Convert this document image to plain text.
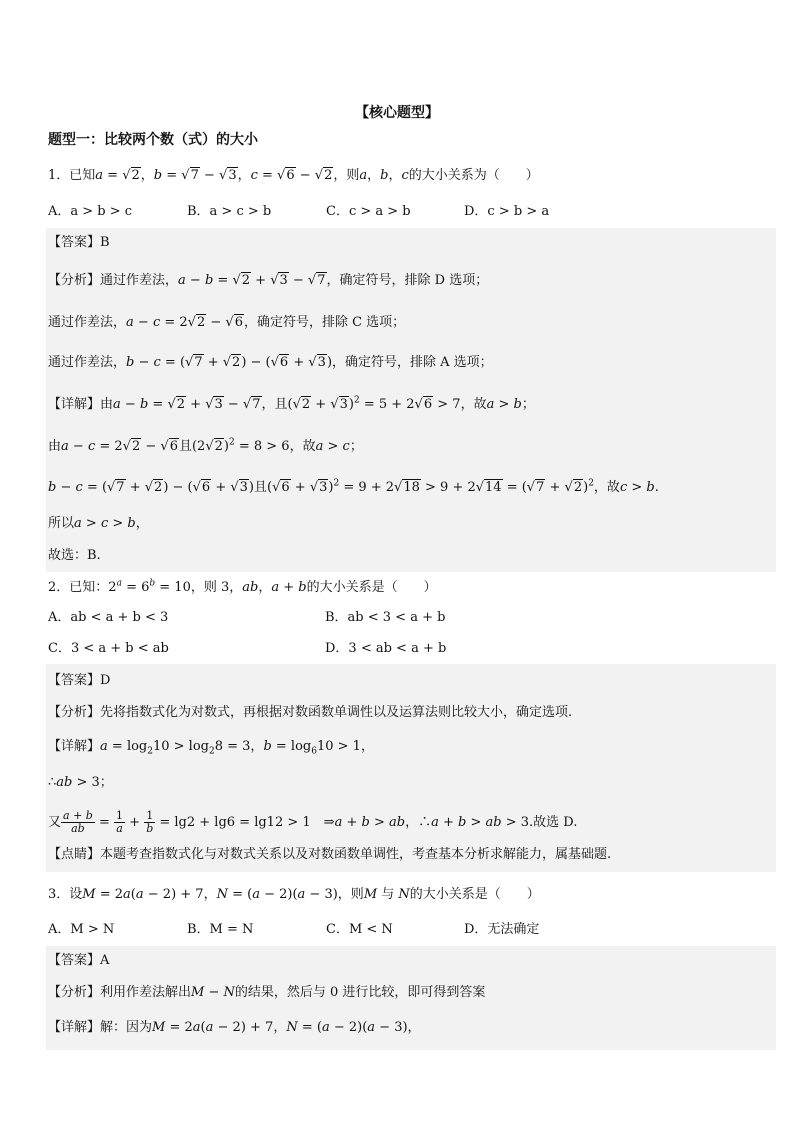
【核心题型】
题型一：比较两个数（式）的大小
1．已知a = √2，b = √7 − √3，c = √6 − √2，则a，b，c的大小关系为（　　）
A．a > b > c	B．a > c > b	C．c > a > b	D．c > b > a
【答案】B
【分析】通过作差法，a − b = √2 + √3 − √7，确定符号，排除 D 选项；
通过作差法，a − c = 2√2 − √6，确定符号，排除 C 选项；
通过作差法，b − c = (√7 + √2) − (√6 + √3)，确定符号，排除 A 选项；
【详解】由a − b = √2 + √3 − √7，且$(√2 + √3)^2 = 5 + 2√6 > 7$，故a > b；
由a − c = 2√2 − √6且$(2√2)^2 = 8 > 6$，故a > c；
b − c = (√7 + √2) − (√6 + √3)且$(√6 + √3)^2 = 9 + 2√18 > 9 + 2√14 = (√7 + √2)^2$，故c > b.
所以a > c > b，
故选：B.
2．已知：$2^a = 6^b = 10$，则 3，ab，a + b的大小关系是（　　）
A．ab < a + b < 3	B．ab < 3 < a + b
C．3 < a + b < ab	D．3 < ab < a + b
【答案】D
【分析】先将指数式化为对数式，再根据对数函数单调性以及运算法则比较大小，确定选项.
【详解】$a = \log_210 > \log_28 = 3$，$b = \log_610 > 1$，
∴ab > 3；
又 $\frac{a + b}{ab} = \frac{1}{a} + \frac{1}{b} = \lg 2 + \lg 6 = \lg 12 > 1$　⇒a + b > ab，∴a + b > ab > 3.故选 D.
【点睛】本题考查指数式化与对数式关系以及对数函数单调性，考查基本分析求解能力，属基础题.
3．设M = 2a(a − 2) + 7，N = (a − 2)(a − 3)，则M 与 N的大小关系是（　　）
A．M > N	B．M = N	C．M < N	D．无法确定
【答案】A
【分析】利用作差法解出M − N的结果，然后与 0 进行比较，即可得到答案
【详解】解：因为M = 2a(a − 2) + 7，N = (a − 2)(a − 3)，
